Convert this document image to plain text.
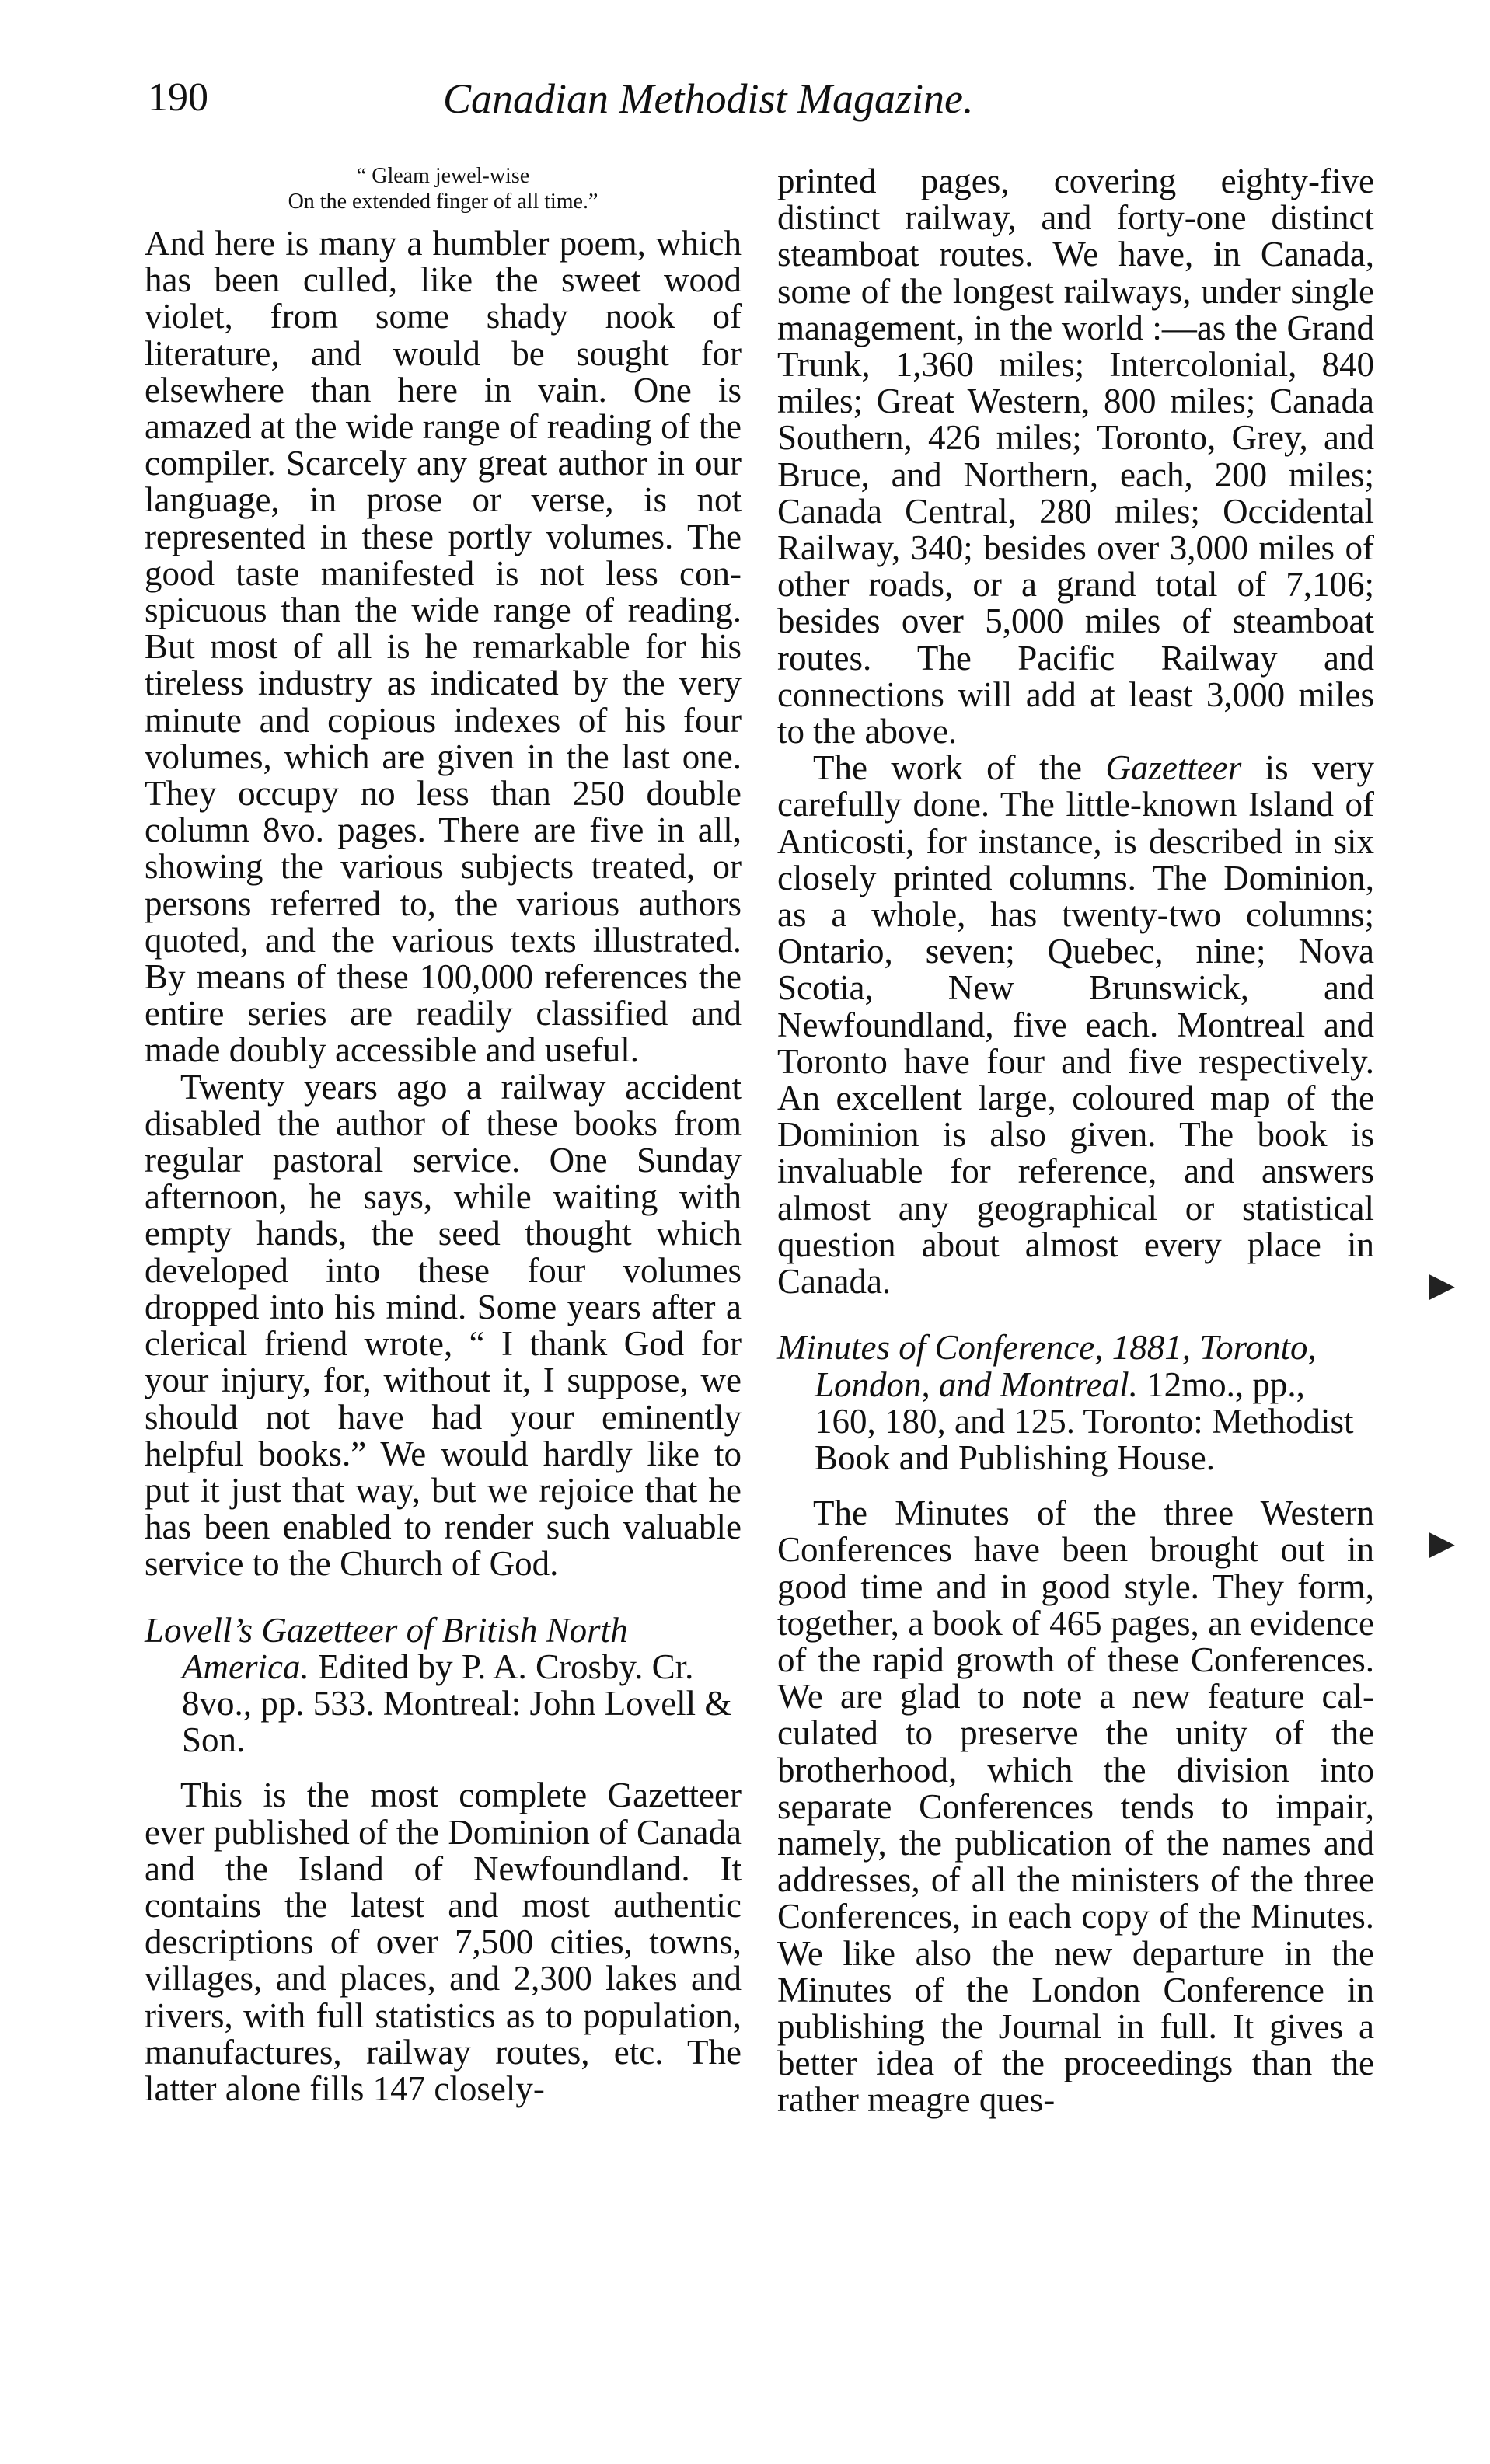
190	Canadian Methodist Magazine.

“ Gleam jewel-wise
On the extended finger of all time.”

And here is many a humbler poem, which has been culled, like the sweet wood violet, from some shady nook of literature, and would be sought for elsewhere than here in vain. One is amazed at the wide range of reading of the compiler. Scarcely any great author in our language, in prose or verse, is not represented in these portly volumes. The good taste manifested is not less conspicuous than the wide range of reading. But most of all is he remarkable for his tireless industry as indicated by the very minute and copious indexes of his four volumes, which are given in the last one. They occupy no less than 250 double column 8vo. pages. There are five in all, showing the various subjects treated, or persons referred to, the various authors quoted, and the various texts illustrated. By means of these 100,000 references the entire series are readily classified and made doubly accessible and useful.

Twenty years ago a railway accident disabled the author of these books from regular pastoral service. One Sunday afternoon, he says, while waiting with empty hands, the seed thought which developed into these four volumes dropped into his mind. Some years after a clerical friend wrote, “ I thank God for your injury, for, without it, I suppose, we should not have had your eminently helpful books.” We would hardly like to put it just that way, but we rejoice that he has been enabled to render such valuable service to the Church of God.

Lovell’s Gazetteer of British North America. Edited by P. A. Crosby. Cr. 8vo., pp. 533. Montreal: John Lovell & Son.

This is the most complete Gazetteer ever published of the Dominion of Canada and the Island of Newfoundland. It contains the latest and most authentic descriptions of over 7,500 cities, towns, villages, and places, and 2,300 lakes and rivers, with full statistics as to population, manufactures, railway routes, etc. The latter alone fills 147 closely-

printed pages, covering eighty-five distinct railway, and forty-one distinct steamboat routes. We have, in Canada, some of the longest railways, under single management, in the world :—as the Grand Trunk, 1,360 miles; Intercolonial, 840 miles; Great Western, 800 miles; Canada Southern, 426 miles; Toronto, Grey, and Bruce, and Northern, each, 200 miles; Canada Central, 280 miles; Occidental Railway, 340; besides over 3,000 miles of other roads, or a grand total of 7,106; besides over 5,000 miles of steamboat routes. The Pacific Railway and connections will add at least 3,000 miles to the above.

The work of the Gazetteer is very carefully done. The little-known Island of Anticosti, for instance, is described in six closely printed columns. The Dominion, as a whole, has twenty-two columns; Ontario, seven; Quebec, nine; Nova Scotia, New Brunswick, and Newfoundland, five each. Montreal and Toronto have four and five respectively. An excellent large, coloured map of the Dominion is also given. The book is invaluable for reference, and answers almost any geographical or statistical question about almost every place in Canada.

Minutes of Conference, 1881, Toronto, London, and Montreal. 12mo., pp., 160, 180, and 125. Toronto: Methodist Book and Publishing House.

The Minutes of the three Western Conferences have been brought out in good time and in good style. They form, together, a book of 465 pages, an evidence of the rapid growth of these Conferences. We are glad to note a new feature calculated to preserve the unity of the brotherhood, which the division into separate Conferences tends to impair, namely, the publication of the names and addresses, of all the ministers of the three Conferences, in each copy of the Minutes. We like also the new departure in the Minutes of the London Conference in publishing the Journal in full. It gives a better idea of the proceedings than the rather meagre ques-

▶
▶
